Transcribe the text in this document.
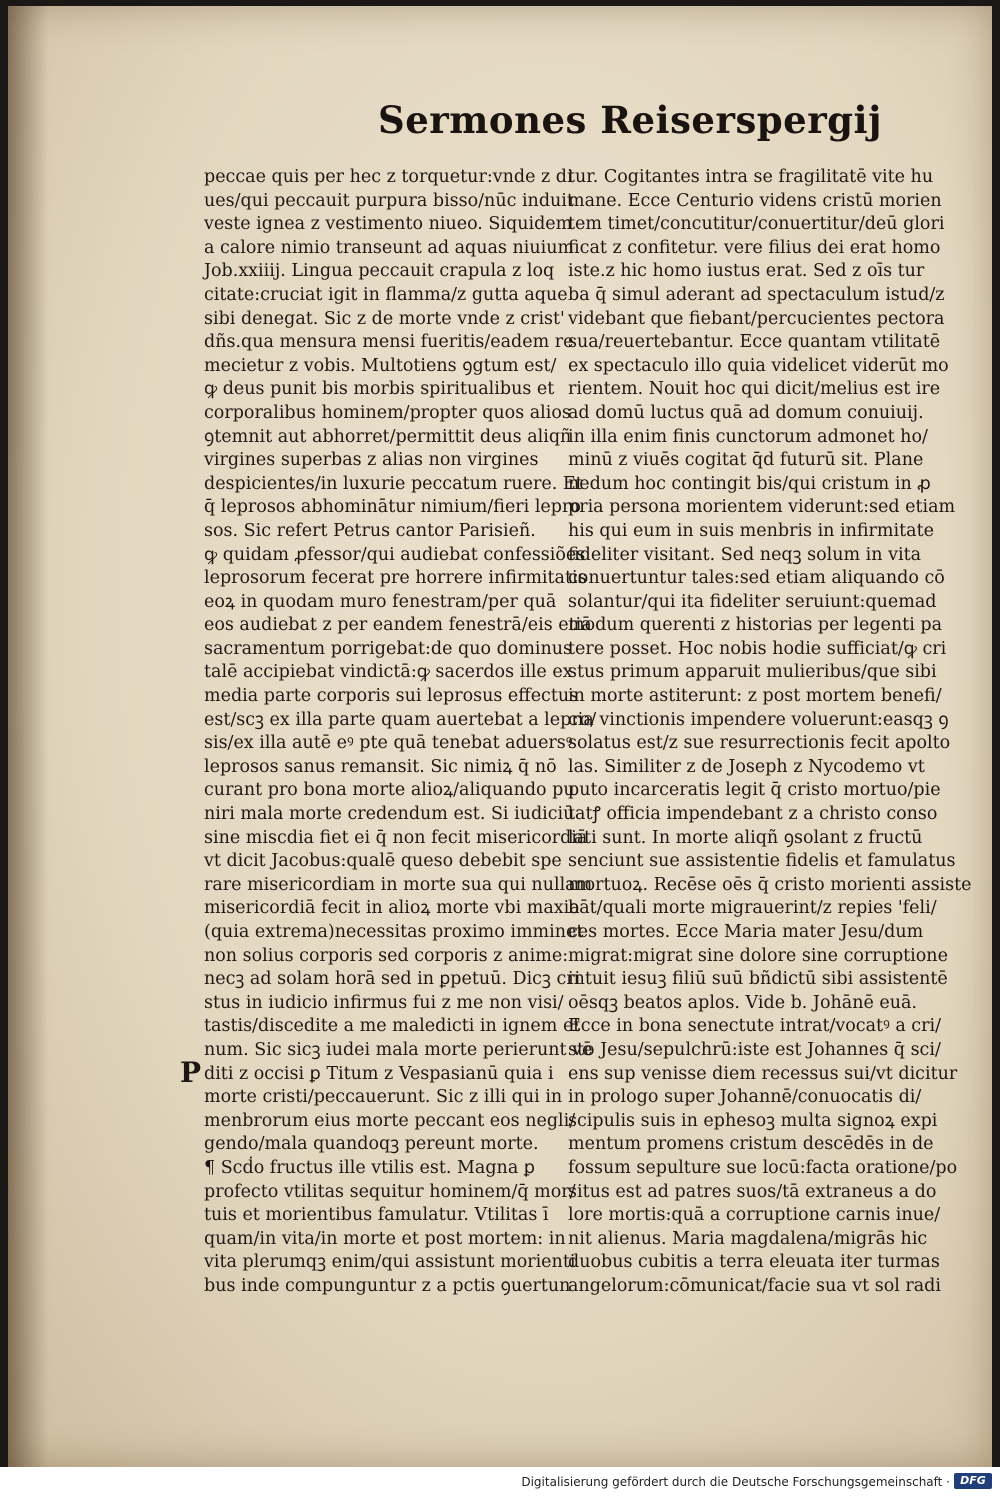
Sermones Reiserspergij
peccae quis per hec z torquetur:vnde z di
ues/qui peccauit purpura bisso/nūc induit
veste ignea z vestimento niueo. Siquidem
a calore nimio transeunt ad aquas niuium
Job.xxiiij. Lingua peccauit crapula z loq
citate:cruciat igit in flamma/z gutta aque
sibi denegat. Sic z de morte vnde z crist'
dñs.qua mensura mensi fueritis/eadem re
mecietur z vobis. Multotiens ꝯgtum est/
ꝙ deus punit bis morbis spiritualibus et
corporalibus hominem/propter quos alios
ꝯtemnit aut abhorret/permittit deus aliqñ
virgines superbas z alias non virgines
despicientes/in luxurie peccatum ruere. Et
q̄ leprosos abhominātur nimium/fieri lepro
sos. Sic refert Petrus cantor Parisieñ.
ꝙ quidam ꝓfessor/qui audiebat confessiões
leprosorum fecerat pre horrere infirmitatis
eoꝝ in quodam muro fenestram/per quā
eos audiebat z per eandem fenestrā/eis etiā
sacramentum porrigebat:de quo dominus
talē accipiebat vindictā:ꝙ sacerdos ille ex
media parte corporis sui leprosus effectus
est/scꝫ ex illa parte quam auertebat a lepro/
sis/ex illa autē eꝰ pte quā tenebat aduersꝰ
leprosos sanus remansit. Sic nimiꝝ q̄ nō
curant pro bona morte alioꝝ/aliquando pu
niri mala morte credendum est. Si iudiciū
sine miscdia fiet ei q̄ non fecit misericordiā
vt dicit Jacobus:qualē queso debebit spe
rare misericordiam in morte sua qui nullam
misericordiā fecit in alioꝝ morte vbi maxia
(quia extrema)necessitas proximo imminet
non solius corporis sed corporis z anime:
necꝫ ad solam horā sed in ꝑpetuū. Dicꝫ cri
stus in iudicio infirmus fui z me non visi/
tastis/discedite a me maledicti in ignem et
num. Sic sicꝫ iudei mala morte perierunt vē
diti z occisi ꝑ Titum z Vespasianū quia i
morte cristi/peccauerunt. Sic z illi qui in
menbrorum eius morte peccant eos negli/
gendo/mala quandoqꝫ pereunt morte.
¶ Scḋo fructus ille vtilis est. Magna ꝑ
profecto vtilitas sequitur hominem/q̄ mor/
tuis et morientibus famulatur. Vtilitas ī
quam/in vita/in morte et post mortem: in
vita plerumqꝫ enim/qui assistunt morienti
bus inde compunguntur z a pctis ꝯuertun
tur. Cogitantes intra se fragilitatē vite hu
mane. Ecce Centurio videns cristū morien
tem timet/concutitur/conuertitur/deū glori
ficat z confitetur. vere filius dei erat homo
iste.z hic homo iustus erat. Sed z oīs tur
ba q̄ simul aderant ad spectaculum istud/z
videbant que fiebant/percucientes pectora
sua/reuertebantur. Ecce quantam vtilitatē
ex spectaculo illo quia videlicet viderūt mo
rientem. Nouit hoc qui dicit/melius est ire
ad domū luctus quā ad domum conuiuij.
in illa enim finis cunctorum admonet ho/
minū z viuēs cogitat q̄d futurū sit. Plane
nedum hoc contingit bis/qui cristum in ꝓ
pria persona morientem viderunt:sed etiam
his qui eum in suis menbris in infirmitate
fideliter visitant. Sed neqꝫ solum in vita
conuertuntur tales:sed etiam aliquando cō
solantur/qui ita fideliter seruiunt:quemad
modum querenti z historias per legenti pa
tere posset. Hoc nobis hodie sufficiat/ꝙ cri
stus primum apparuit mulieribus/que sibi
in morte astiterunt: z post mortem benefi/
cia vinctionis impendere voluerunt:easqꝫ ꝯ
solatus est/z sue resurrectionis fecit apolto
las. Similiter z de Joseph z Nycodemo vt
puto incarceratis legit q̄ cristo mortuo/pie
tatꝭ officia impendebant z a christo conso
lati sunt. In morte aliqñ ꝯsolant z fructū
senciunt sue assistentie fidelis et famulatus
mortuoꝝ. Recēse oēs q̄ cristo morienti assiste
bāt/quali morte migrauerint/z repies 'feli/
ces mortes. Ecce Maria mater Jesu/dum
migrat:migrat sine dolore sine corruptione
intuit iesuꝫ filiū suū bñdictū sibi assistentē
oēsqꝫ beatos aplos. Vide b. Johānē euā.
Ecce in bona senectute intrat/vocatꝰ a cri/
sto Jesu/sepulchrū:iste est Johannes q̄ sci/
ens sup venisse diem recessus sui/vt dicitur
in prologo super Johannē/conuocatis di/
scipulis suis in ephesoꝫ multa signoꝝ expi
mentum promens cristum descēdēs in de
fossum sepulture sue locū:facta oratione/po
situs est ad patres suos/tā extraneus a do
lore mortis:quā a corruptione carnis inue/
nit alienus. Maria magdalena/migrās hic
duobus cubitis a terra eleuata iter turmas
angelorum:cōmunicat/facie sua vt sol radi
P
Digitalisierung gefördert durch die Deutsche Forschungsgemeinschaft · DFG
